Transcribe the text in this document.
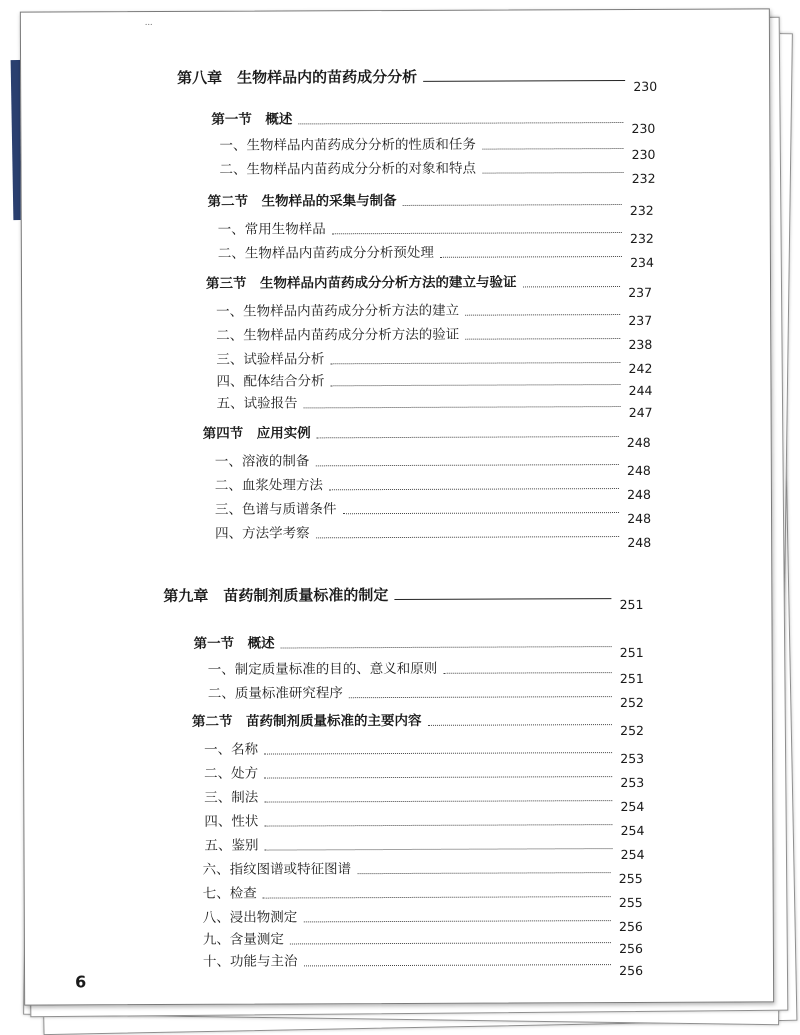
···
第八章　生物样品内的苗药成分分析	230
第一节　概述
230
一、生物样品内苗药成分分析的性质和任务
230
二、生物样品内苗药成分分析的对象和特点
232
第二节　生物样品的采集与制备
232
一、常用生物样品
232
二、生物样品内苗药成分分析预处理
234
第三节　生物样品内苗药成分分析方法的建立与验证
237
一、生物样品内苗药成分分析方法的建立
237
二、生物样品内苗药成分分析方法的验证
238
三、试验样品分析
242
四、配体结合分析
244
五、试验报告
247
第四节　应用实例
248
一、溶液的制备
248
二、血浆处理方法
248
三、色谱与质谱条件
248
四、方法学考察
248
第九章　苗药制剂质量标准的制定	251
第一节　概述
251
一、制定质量标准的目的、意义和原则
251
二、质量标准研究程序
252
第二节　苗药制剂质量标准的主要内容
252
一、名称
253
二、处方
253
三、制法
254
四、性状
254
五、鉴别
254
六、指纹图谱或特征图谱
255
七、检查
255
八、浸出物测定
256
九、含量测定
256
十、功能与主治
256
6
